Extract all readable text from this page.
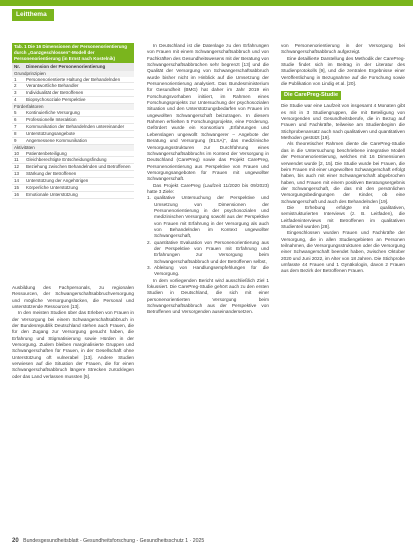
Leitthema
Tab. 1 Die 16 Dimensionen der Personenorientierung durch „Ganzgeschlossen“-Modell der Personenorientierung (in Ernst nach Kostelnik)
Nr.	Dimension der Personenorientierung
Grundprinzipien
1	Personenorientierte Haltung der Behandelnden
2	Verantwortliche Behandler
3	Individualität der Betroffenen
4	Biopsychosoziale Perspektive
Förderfaktoren
5	Kontinuierliche Versorgung
6	Professionelle Interaktion
7	Kommunikation der Behandelnden untereinander
8	Unterstützungsangebote
9	Angemessene Kommunikation
Aktivitäten
10	Patientenbeteiligung
11	Gleichberechtigte Entscheidungsfindung
12	Beziehung zwischen Behandelnden und Betroffenen
13	Stärkung der Betroffenen
14	Unterstützung der Angehörigen
15	Körperliche Unterstützung
16	Emotionale Unterstützung

Ausbildung des Fachpersonals, zu regionalen Ressourcen, der Schwangerschaftsabbruchversorgung und mögliche Versorgungslücken, die Personal und unterstützende Ressourcen [13].

In den meisten Studien über das Erleben von Frauen in der Versorgung bei einem Schwangerschaftsabbruch in der Bundesrepublik Deutschland stehen auch Frauen, die für den Zugang zur Versorgung gesucht haben, die Erfahrung und Stigmatisierung sowie Hürden in der Versorgung. Zudem bleiben marginalisierte Gruppen und Schwangerschaften für Frauen, in der Gesellschaft ohne Unterstützung oft vulnerabel [13]. Andere Studien verwiesen auf die Situation der Frauen, die für einen Schwangerschaftsabbruch längere Strecken zurücklegen oder das Land verlassen mussten [5].

In Deutschland ist die Datenlage zu den Erfahrungen von Frauen mit einem Schwangerschaftsabbruch und von Fachkräften des Gesundheitswesens mit der Beratung von Schwangerschaftsabbrüchen sehr begrenzt [13] und die Qualität der Versorgung von Schwangerschaftsabbruch wurde bisher nicht im Hinblick auf die Umsetzung der Personenorientierung analysiert. Das Bundesministerium für Gesundheit (BMG) hat daher im Jahr 2019 ein Forschungsvorhaben initiiert, im Rahmen eines Forschungsprojekts zur Untersuchung der psychosozialen Situation und den Unterstützungsbedarfen von Frauen im ungewollten Schwangerschaft beizutragen. In diesem Rahmen erhielten 5 Forschungsprojekte, eine Förderung. Gefördert wurde ein Konsortium „Erfahrungen und Lebenslagen ungewollt Schwangerer – Angebote der Beratung und Versorgung (ELSA)“, das medizinische Versorgungsstrukturen zur Durchführung eines Schwangerschaftsabbruchs im Kontext der Versorgung in Deutschland (CarePreg) sowie das Projekt CarePreg, Personenorientierung aus Perspektive von Frauen und Versorgungsangeboten für Frauen mit ungewollter Schwangerschaft.

Das Projekt CarePreg (Laufzeit 11/2020 bis 09/2023) hatte 3 Ziele:

1. qualitative Untersuchung der Perspektive und Umsetzung von Dimensionen der Personenorientierung in der psychosozialen und medizinischen Versorgung sowohl aus der Perspektive von Frauen mit Erfahrung in der Versorgung als auch von Behandelnden im Kontext ungewollter Schwangerschaft,
2. quantitative Evaluation von Personenorientierung aus der Perspektive von Frauen mit Erfahrung und Erfahrungen zur Versorgung beim Schwangerschaftsabbruch und der Betroffenen selbst,
3. Ableitung von Handlungsempfehlungen für die Versorgung.

In dem vorliegenden Bericht wird ausschließlich Ziel 1 fokussiert. Die CarePreg-Studie gehört auch zu den ersten Studien in Deutschland, die sich mit einer personenorientierten Versorgung beim Schwangerschaftsabbruch aus der Perspektive von Betroffenen und Versorgenden auseinandersetzen.

von Personenorientierung in der Versorgung bei Schwangerschaftsabbruch aufgezeigt.

Eine detaillierte Darstellung des Methodik der CarePreg-Studie findet sich im Beitrag in der Literatur des Studienprotokolls [9], und die zentralen Ergebnisse einer Veröffentlichung in Bezugnahme auf die Forschung sowie die Publikation von Lindig et al. [20].

Die CarePreg-Studie

Die Studie war eine Laufzeit von insgesamt 4 Monaten gibt es mit in 3 Studiengruppen, die mit Beteiligung von Versorgenden und Gesundheitsberufe, die in Bezug auf Frauen und Fachkräfte, teilweise am Studienbeginn die Stichprobenansatz auch nach qualitativen und quantitativen Methoden gestützt [19].

Als theoretischer Rahmen diente die CarePreg-Studie das in die Untersuchung beschriebene integrative Modell der Personenorientierung, welches mit 16 Dimensionen verwendet wurde [2, 15]. Die Studie wurde bei Frauen, die beim Frauen mit einer ungewollten Schwangerschaft erfolgt haben, bis auch mit einer Schwangerschaft abgebrochen haben, und Frauen mit einem positiven Beratungsergebnis der Schwangerschaft, die das mit den persönlichen Versorgungsbedingungen der Kinder, ob eine Schwangerschaft und auch des Behandelnden [19].

Die Erhebung erfolgte mit qualitativen, semistrukturierten Interviews (z. B. Leitfaden), die Leitfadeninterviews mit Betroffenen im qualitativen Studienteil wurden [28].

Eingeschlossen wurden Frauen und Fachkräfte der Versorgung, die in allen Studiengebieten an Personen teilnahmen, die Versorgungsstrukturen oder die Versorgung einer Schwangerschaft beendet haben, zwischen Oktober 2020 und Juni 2022, im Alter von 18 Jahren. Die Stichprobe umfasste 44 Frauen und 1 Gynäkologin, davon 2 Frauen aus dem Bezirk der Betroffenen Frauen.

20 Bundesgesundheitsblatt - Gesundheitsforschung - Gesundheitsschutz 1 · 2025
